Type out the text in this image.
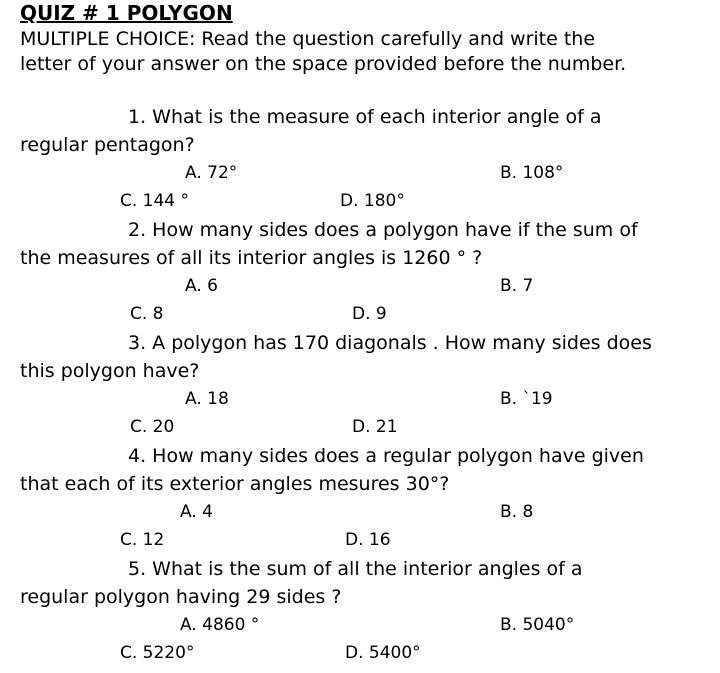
QUIZ # 1 POLYGON
MULTIPLE CHOICE: Read the question carefully and write the
letter of your answer on the space provided before the number.
1. What is the measure of each interior angle of a
regular pentagon?
A. 72°	B. 108°
C. 144 °	D. 180°
2. How many sides does a polygon have if the sum of
the measures of all its interior angles is 1260 ° ?
A. 6	B. 7
C. 8	D. 9
3. A polygon has 170 diagonals . How many sides does
this polygon have?
A. 18	B. `19
C. 20	D. 21
4. How many sides does a regular polygon have given
that each of its exterior angles mesures 30°?
A. 4	B. 8
C. 12	D. 16
5. What is the sum of all the interior angles of a
regular polygon having 29 sides ?
A. 4860 °	B. 5040°
C. 5220°	D. 5400°
